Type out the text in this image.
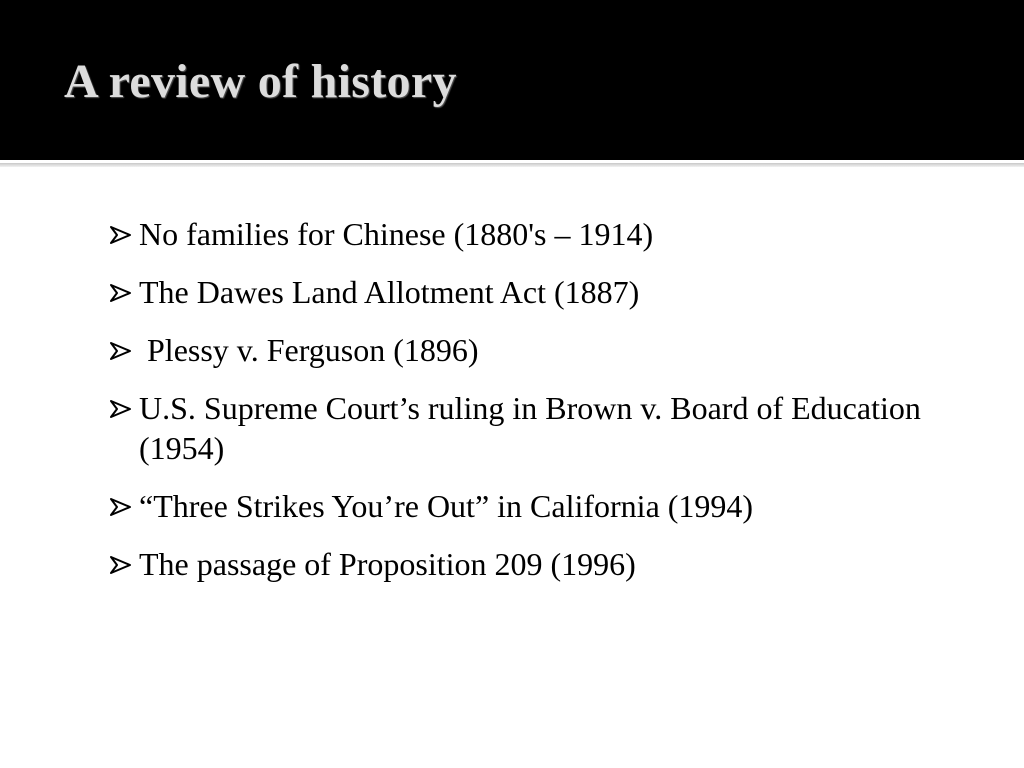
A review of history
No families for Chinese (1880's – 1914)
The Dawes Land Allotment Act (1887)
Plessy v. Ferguson (1896)
U.S. Supreme Court’s ruling in Brown v. Board of Education (1954)
“Three Strikes You’re Out” in California (1994)
The passage of Proposition 209 (1996)
